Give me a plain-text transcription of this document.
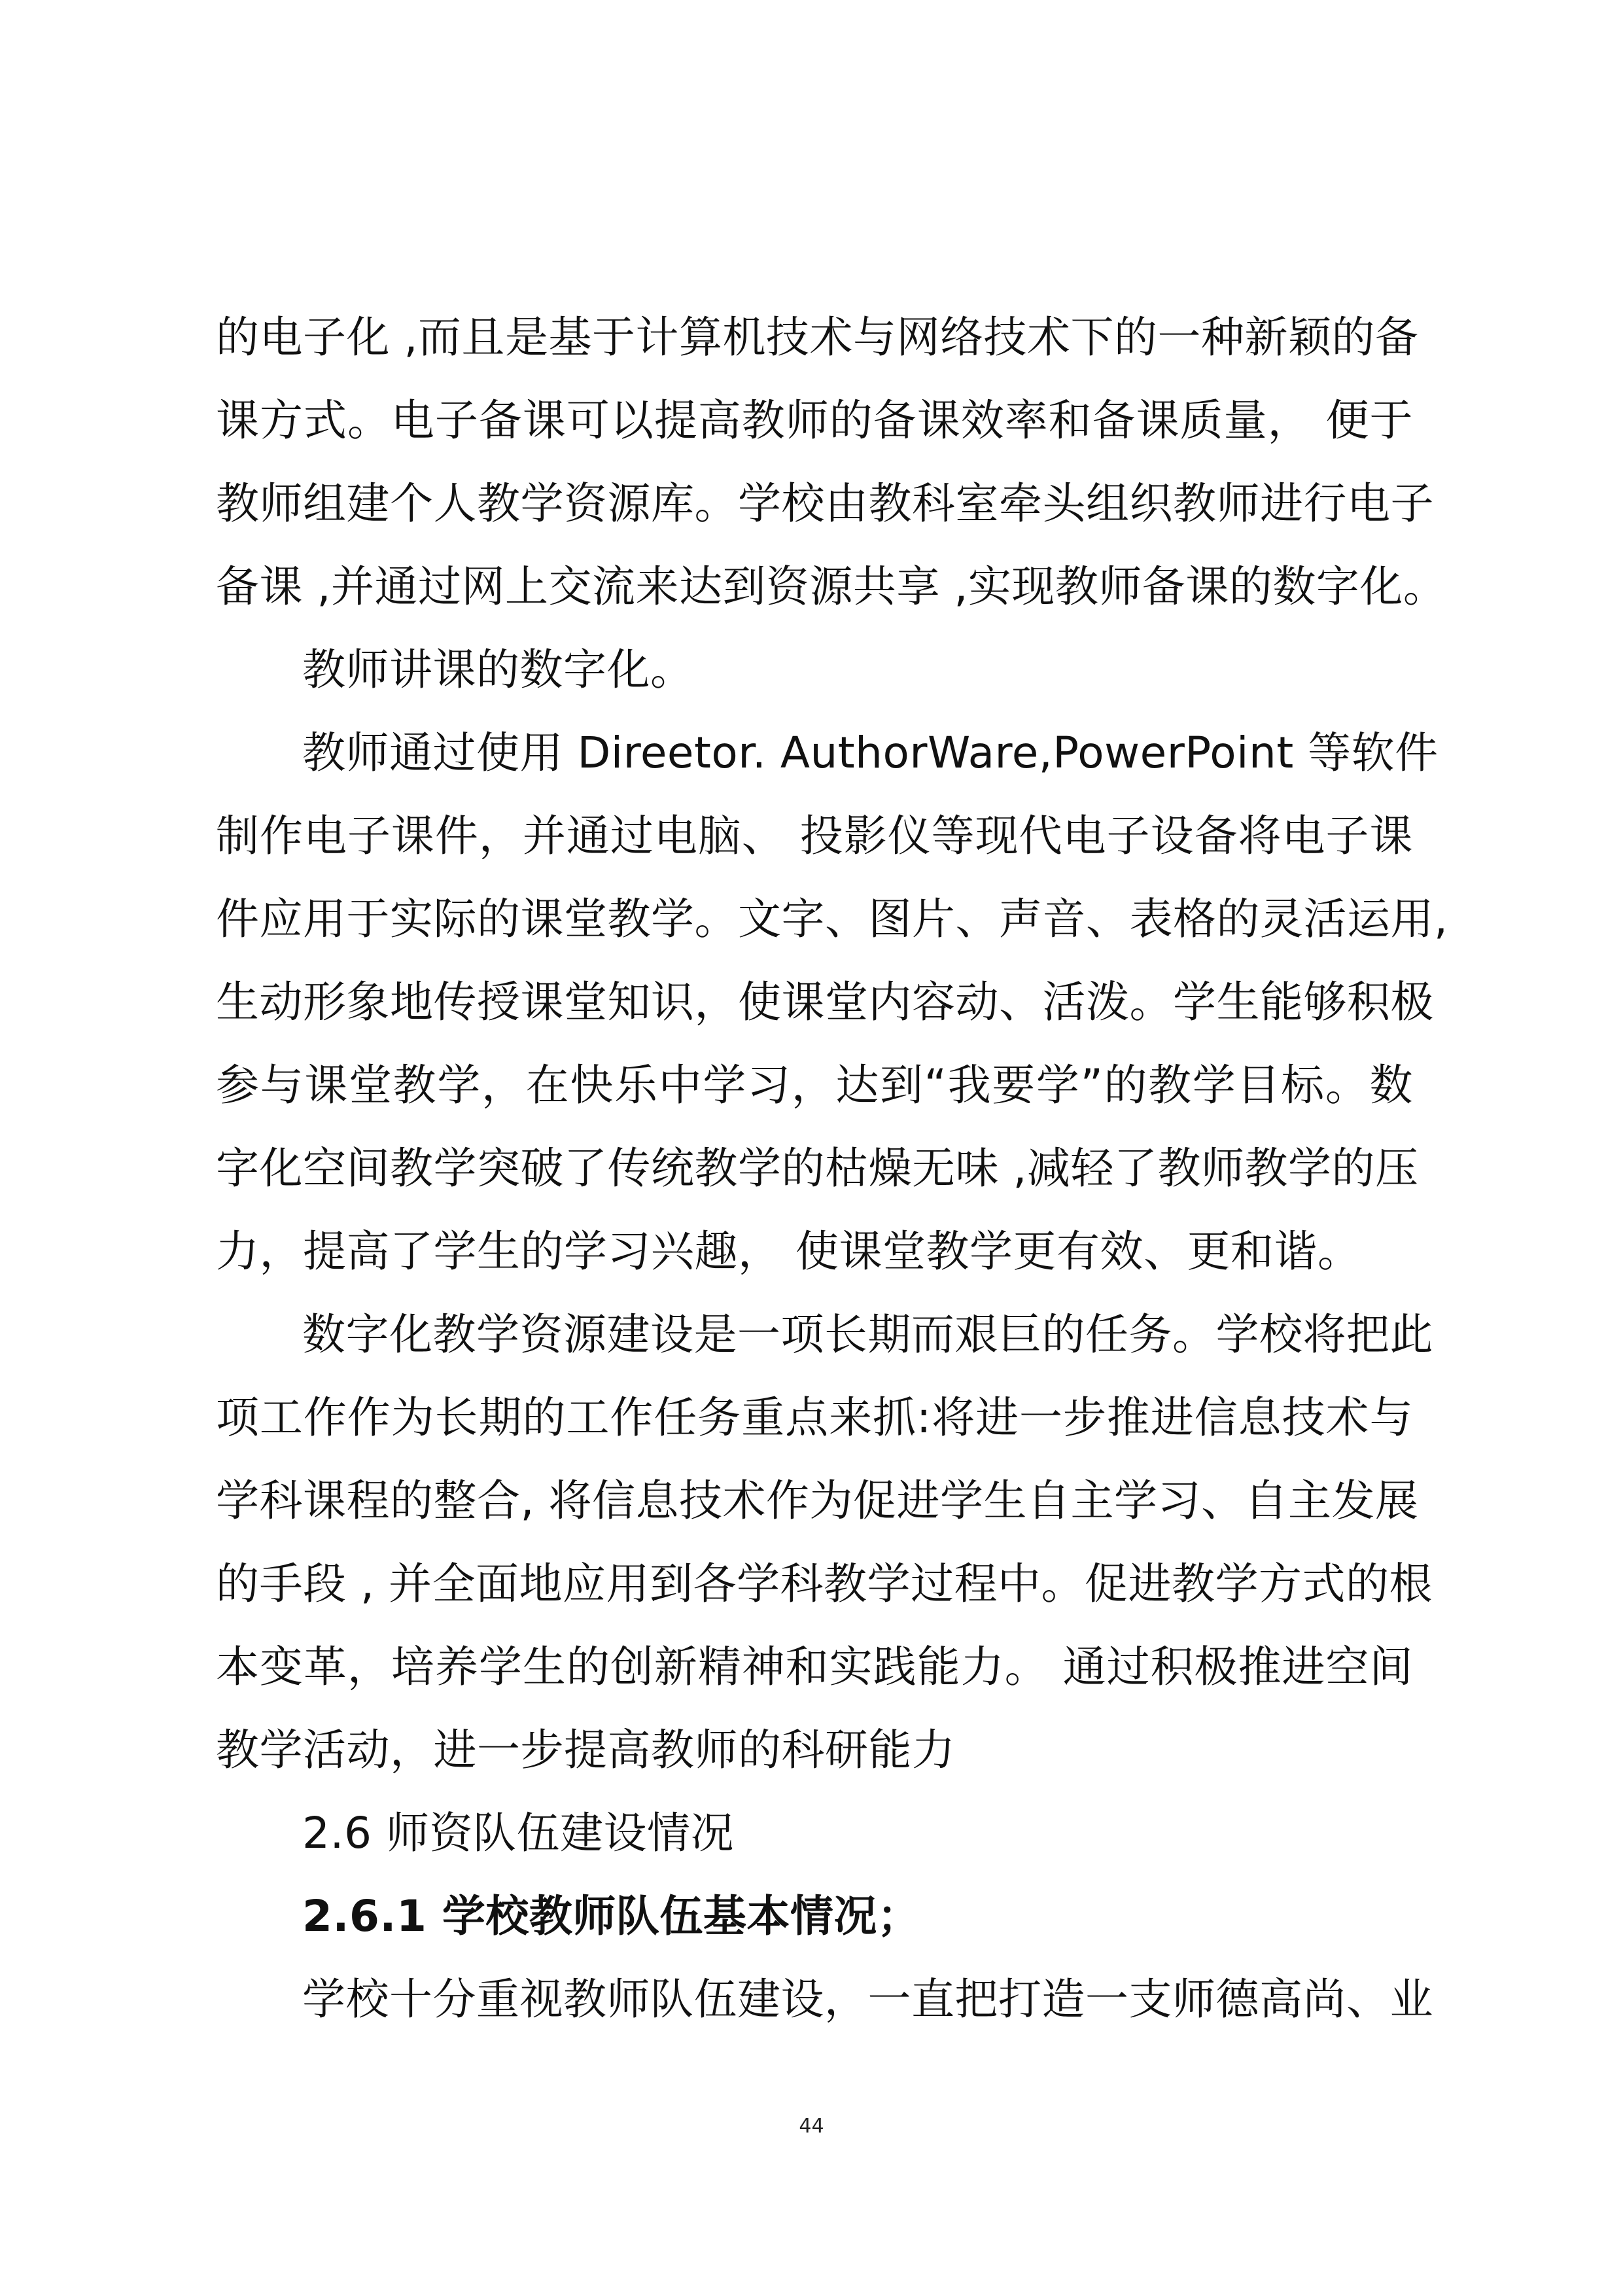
的电子化 ,而且是基于计算机技术与网络技术下的一种新颖的备
课方式。电子备课可以提高教师的备课效率和备课质量， 便于
教师组建个人教学资源库。学校由教科室牵头组织教师进行电子
备课 ,并通过网上交流来达到资源共享 ,实现教师备课的数字化。
教师讲课的数字化。
教师通过使用 Direetor. AuthorWare,PowerPoint 等软件
制作电子课件，并通过电脑、 投影仪等现代电子设备将电子课
件应用于实际的课堂教学。文字、图片、声音、表格的灵活运用,
生动形象地传授课堂知识，使课堂内容动、活泼。学生能够积极
参与课堂教学，在快乐中学习，达到“我要学”的教学目标。数
字化空间教学突破了传统教学的枯燥无味 ,减轻了教师教学的压
力，提高了学生的学习兴趣， 使课堂教学更有效、更和谐。
数字化教学资源建设是一项长期而艰巨的任务。学校将把此
项工作作为长期的工作任务重点来抓:将进一步推进信息技术与
学科课程的整合, 将信息技术作为促进学生自主学习、自主发展
的手段 , 并全面地应用到各学科教学过程中。促进教学方式的根
本变革，培养学生的创新精神和实践能力。 通过积极推进空间
教学活动，进一步提高教师的科研能力
2.6 师资队伍建设情况
2.6.1 学校教师队伍基本情况；
学校十分重视教师队伍建设，一直把打造一支师德高尚、业
44
